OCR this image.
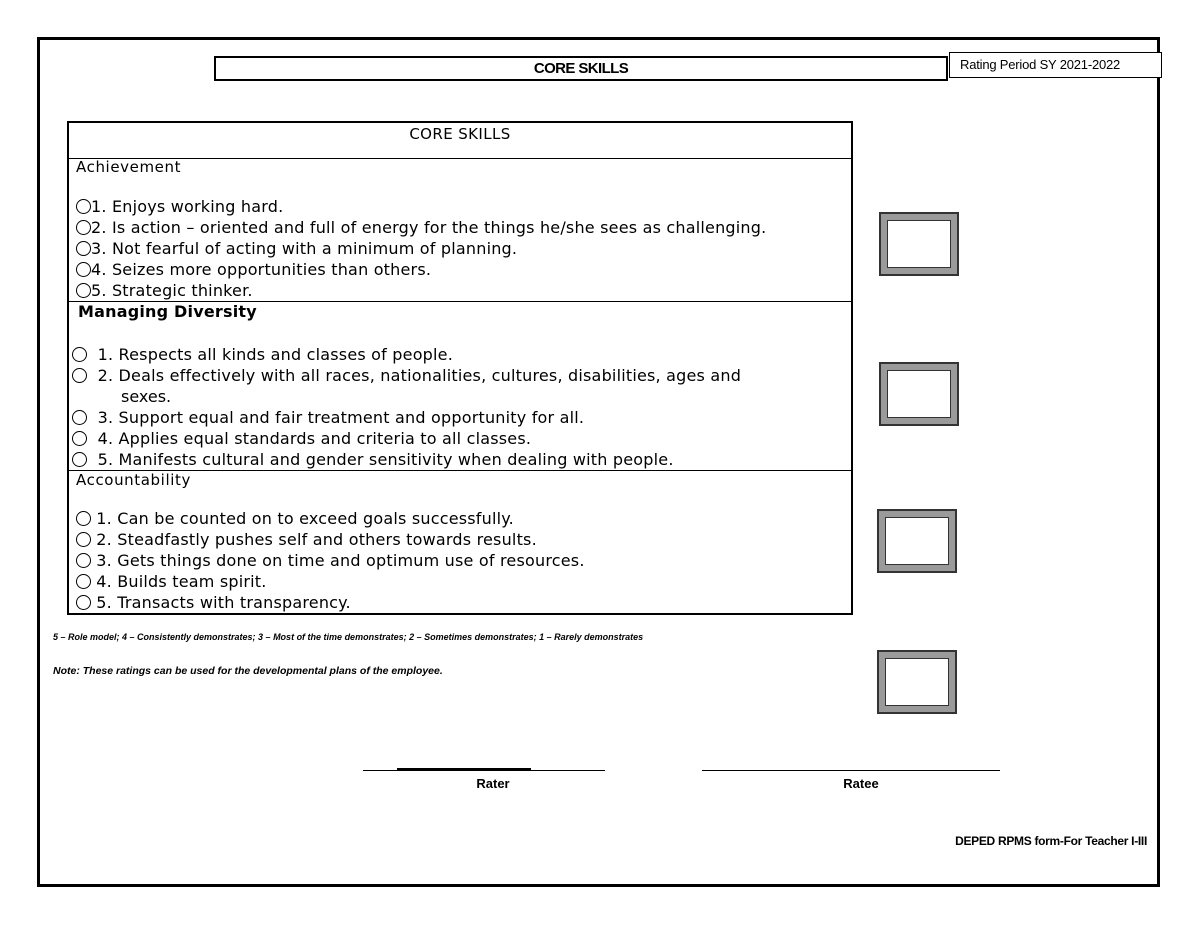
CORE SKILLS	Rating Period SY 2021-2022
CORE SKILLS
Achievement
1. Enjoys working hard.
2. Is action – oriented and full of energy for the things he/she sees as challenging.
3. Not fearful of acting with a minimum of planning.
4. Seizes more opportunities than others.
5. Strategic thinker.
Managing Diversity
1. Respects all kinds and classes of people.
2. Deals effectively with all races, nationalities, cultures, disabilities, ages and
sexes.
3. Support equal and fair treatment and opportunity for all.
4. Applies equal standards and criteria to all classes.
5. Manifests cultural and gender sensitivity when dealing with people.
Accountability
1. Can be counted on to exceed goals successfully.
2. Steadfastly pushes self and others towards results.
3. Gets things done on time and optimum use of resources.
4. Builds team spirit.
5. Transacts with transparency.
5 – Role model; 4 – Consistently demonstrates; 3 – Most of the time demonstrates; 2 – Sometimes demonstrates; 1 – Rarely demonstrates
Note: These ratings can be used for the developmental plans of the employee.
Rater	Ratee
DEPED RPMS form-For Teacher I-III
